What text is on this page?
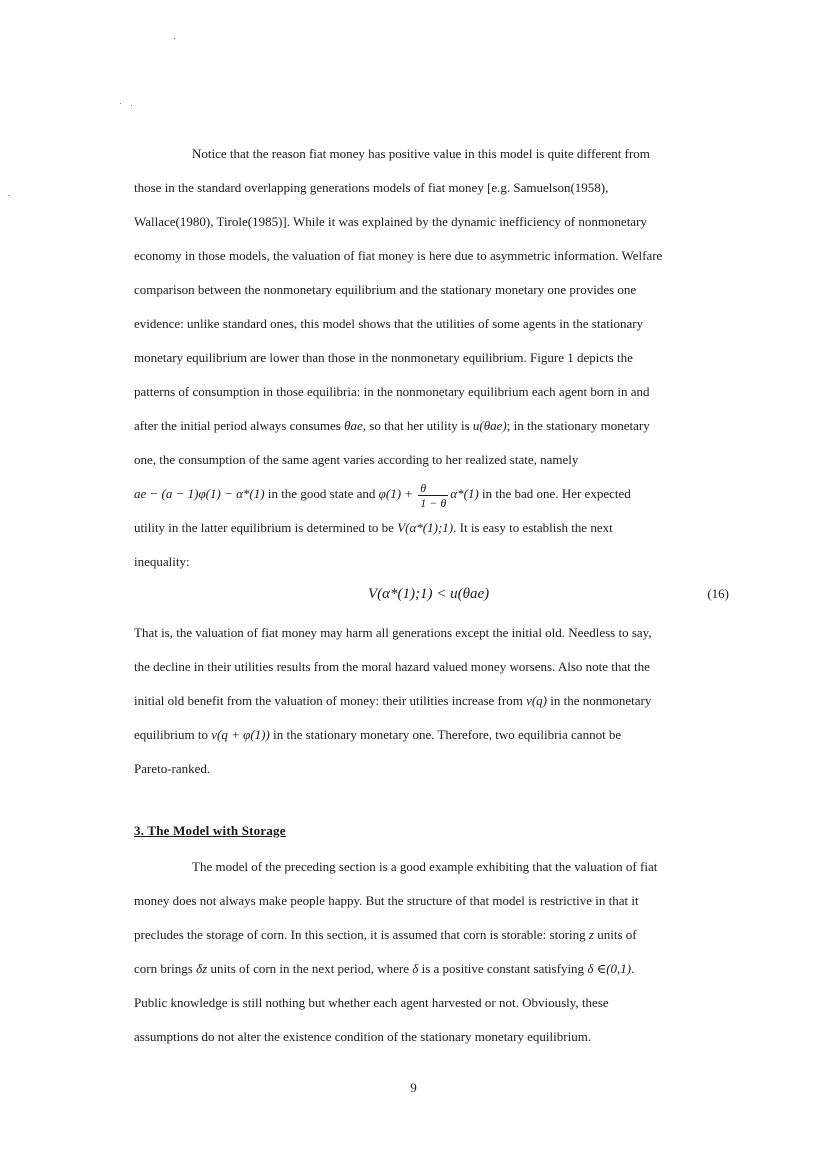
Notice that the reason fiat money has positive value in this model is quite different from
those in the standard overlapping generations models of fiat money [e.g. Samuelson(1958),
Wallace(1980), Tirole(1985)]. While it was explained by the dynamic inefficiency of nonmonetary
economy in those models, the valuation of fiat money is here due to asymmetric information. Welfare
comparison between the nonmonetary equilibrium and the stationary monetary one provides one
evidence: unlike standard ones, this model shows that the utilities of some agents in the stationary
monetary equilibrium are lower than those in the nonmonetary equilibrium. Figure 1 depicts the
patterns of consumption in those equilibria: in the nonmonetary equilibrium each agent born in and
after the initial period always consumes θae, so that her utility is u(θae); in the stationary monetary
one, the consumption of the same agent varies according to her realized state, namely
ae − (a − 1)φ(1) − α*(1) in the good state and $\varphi(1) + \frac{\theta}{1 - \theta} \alpha*(1)$ in the bad one. Her expected
utility in the latter equilibrium is determined to be V(α*(1);1). It is easy to establish the next
inequality:
V(α*(1);1) < u(θae)	(16)
That is, the valuation of fiat money may harm all generations except the initial old. Needless to say,
the decline in their utilities results from the moral hazard valued money worsens. Also note that the
initial old benefit from the valuation of money: their utilities increase from v(q) in the nonmonetary
equilibrium to v(q + φ(1)) in the stationary monetary one. Therefore, two equilibria cannot be
Pareto-ranked.
3. The Model with Storage
The model of the preceding section is a good example exhibiting that the valuation of fiat
money does not always make people happy. But the structure of that model is restrictive in that it
precludes the storage of corn. In this section, it is assumed that corn is storable: storing z units of
corn brings δz units of corn in the next period, where δ is a positive constant satisfying δ ∈(0,1).
Public knowledge is still nothing but whether each agent harvested or not. Obviously, these
assumptions do not alter the existence condition of the stationary monetary equilibrium.
9
